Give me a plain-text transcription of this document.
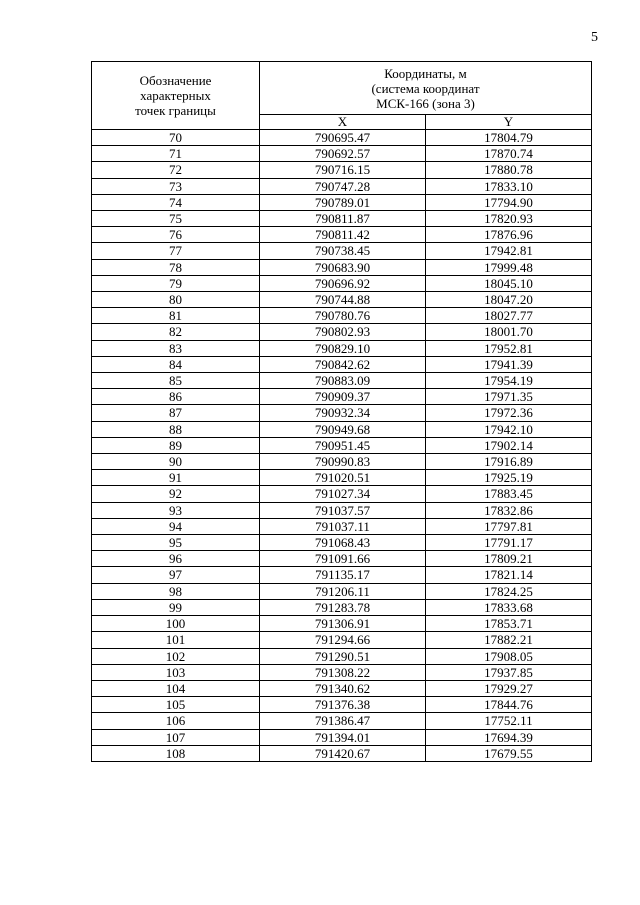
5
Обозначение
характерных
точек границы	Координаты, м
(система координат
МСК-166 (зона 3)	

	X	Y
70	790695.47	17804.79
71	790692.57	17870.74
72	790716.15	17880.78
73	790747.28	17833.10
74	790789.01	17794.90
75	790811.87	17820.93
76	790811.42	17876.96
77	790738.45	17942.81
78	790683.90	17999.48
79	790696.92	18045.10
80	790744.88	18047.20
81	790780.76	18027.77
82	790802.93	18001.70
83	790829.10	17952.81
84	790842.62	17941.39
85	790883.09	17954.19
86	790909.37	17971.35
87	790932.34	17972.36
88	790949.68	17942.10
89	790951.45	17902.14
90	790990.83	17916.89
91	791020.51	17925.19
92	791027.34	17883.45
93	791037.57	17832.86
94	791037.11	17797.81
95	791068.43	17791.17
96	791091.66	17809.21
97	791135.17	17821.14
98	791206.11	17824.25
99	791283.78	17833.68
100	791306.91	17853.71
101	791294.66	17882.21
102	791290.51	17908.05
103	791308.22	17937.85
104	791340.62	17929.27
105	791376.38	17844.76
106	791386.47	17752.11
107	791394.01	17694.39
108	791420.67	17679.55
